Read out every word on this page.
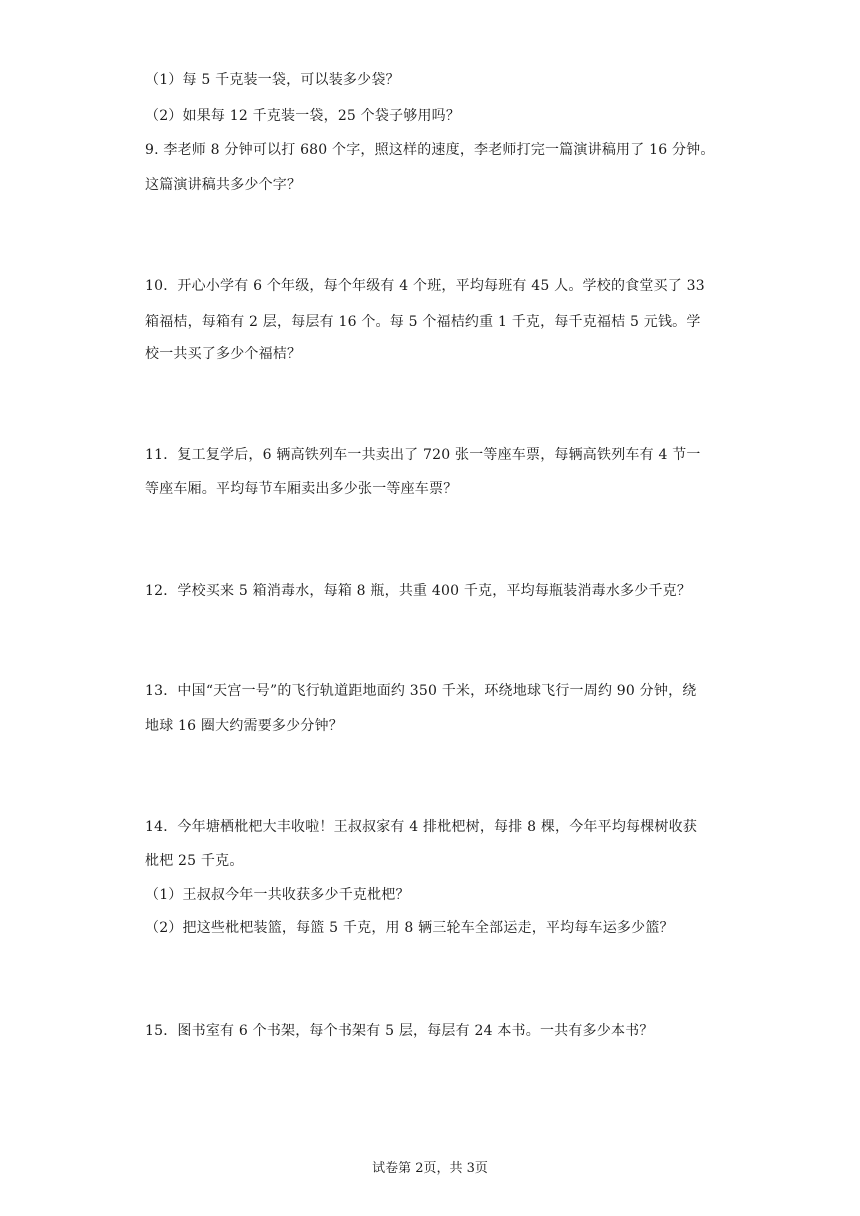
（1）每 5 千克装一袋，可以装多少袋？
（2）如果每 12 千克装一袋，25 个袋子够用吗？
9. 李老师 8 分钟可以打 680 个字，照这样的速度，李老师打完一篇演讲稿用了 16 分钟。
这篇演讲稿共多少个字？
10．开心小学有 6 个年级，每个年级有 4 个班，平均每班有 45 人。学校的食堂买了 33
箱福桔，每箱有 2 层，每层有 16 个。每 5 个福桔约重 1 千克，每千克福桔 5 元钱。学
校一共买了多少个福桔？
11．复工复学后，6 辆高铁列车一共卖出了 720 张一等座车票，每辆高铁列车有 4 节一
等座车厢。平均每节车厢卖出多少张一等座车票？
12．学校买来 5 箱消毒水，每箱 8 瓶，共重 400 千克，平均每瓶装消毒水多少千克？
13．中国“天宫一号”的飞行轨道距地面约 350 千米，环绕地球飞行一周约 90 分钟，绕
地球 16 圈大约需要多少分钟？
14．今年塘栖枇杷大丰收啦！王叔叔家有 4 排枇杷树，每排 8 棵，今年平均每棵树收获
枇杷 25 千克。
（1）王叔叔今年一共收获多少千克枇杷？
（2）把这些枇杷装篮，每篮 5 千克，用 8 辆三轮车全部运走，平均每车运多少篮？
15．图书室有 6 个书架，每个书架有 5 层，每层有 24 本书。一共有多少本书？
试卷第 2页，共 3页
